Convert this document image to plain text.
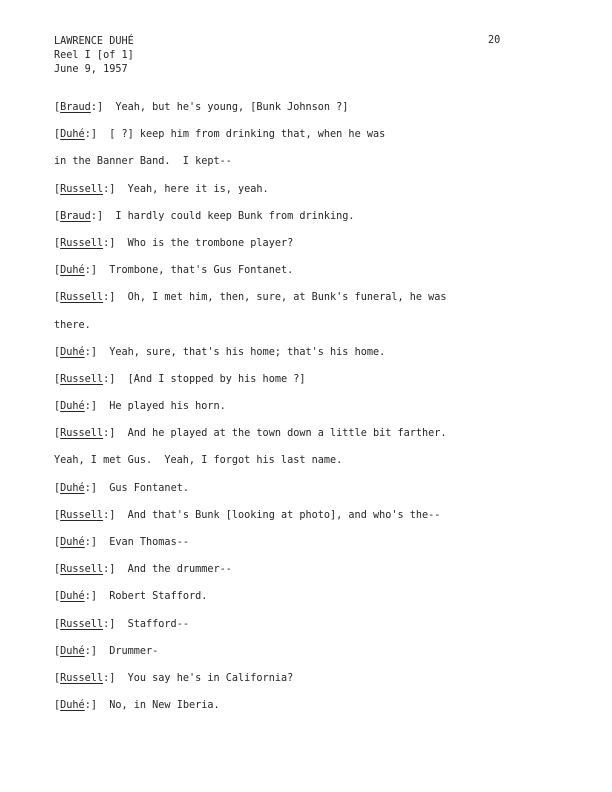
LAWRENCE DUHÉ
Reel I [of 1]
June 9, 1957
20
[Braud:]  Yeah, but he's young, [Bunk Johnson ?]
[Duhé:]  [ ?] keep him from drinking that, when he was
in the Banner Band.  I kept--
[Russell:]  Yeah, here it is, yeah.
[Braud:]  I hardly could keep Bunk from drinking.
[Russell:]  Who is the trombone player?
[Duhé:]  Trombone, that's Gus Fontanet.
[Russell:]  Oh, I met him, then, sure, at Bunk's funeral, he was
there.
[Duhé:]  Yeah, sure, that's his home; that's his home.
[Russell:]  [And I stopped by his home ?]
[Duhé:]  He played his horn.
[Russell:]  And he played at the town down a little bit farther.
Yeah, I met Gus.  Yeah, I forgot his last name.
[Duhé:]  Gus Fontanet.
[Russell:]  And that's Bunk [looking at photo], and who's the--
[Duhé:]  Evan Thomas--
[Russell:]  And the drummer--
[Duhé:]  Robert Stafford.
[Russell:]  Stafford--
[Duhé:]  Drummer-
[Russell:]  You say he's in California?
[Duhé:]  No, in New Iberia.
